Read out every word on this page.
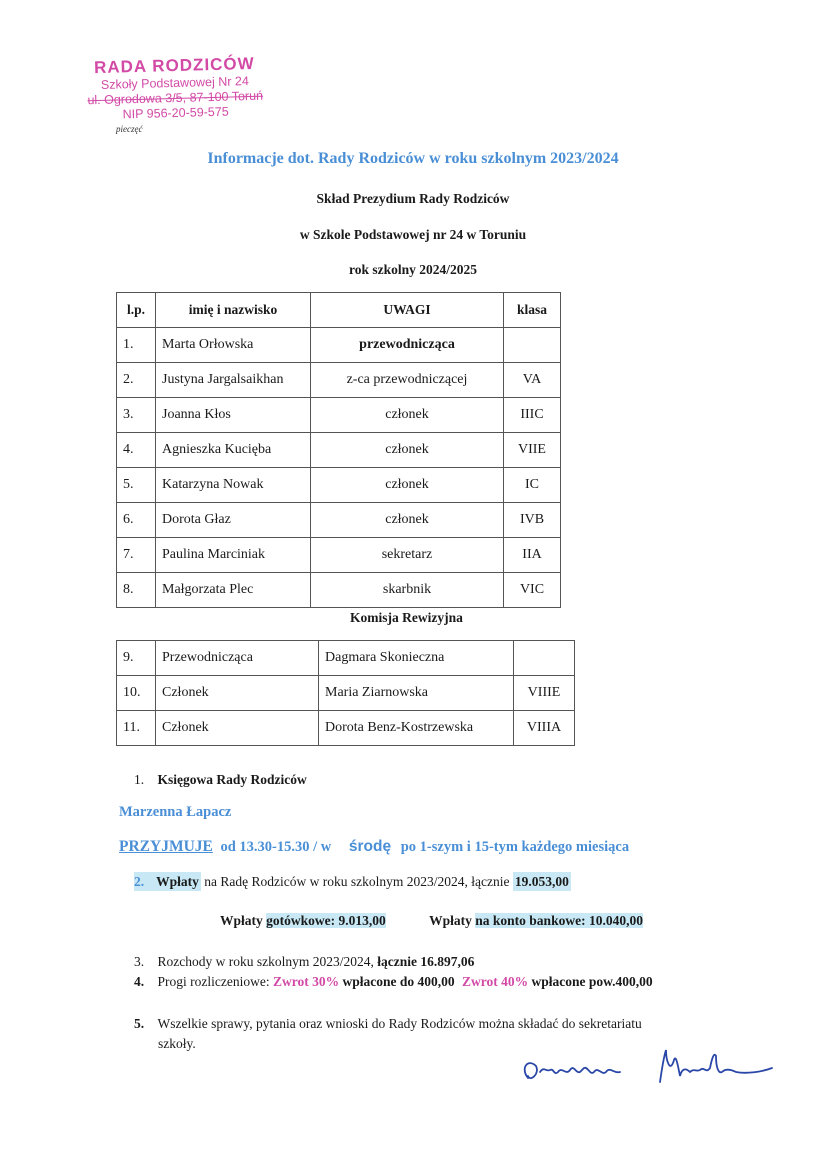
RADA RODZICÓW
Szkoły Podstawowej Nr 24
ul. Ogrodowa 3/5, 87-100 Toruń
NIP 956-20-59-575
pieczęć
Informacje dot. Rady Rodziców w roku szkolnym 2023/2024
Skład Prezydium Rady Rodziców
w Szkole Podstawowej nr 24 w Toruniu
rok szkolny 2024/2025
l.p.	imię i nazwisko	UWAGI	klasa
1.	Marta Orłowska	przewodnicząca	
2.	Justyna Jargalsaikhan	z-ca przewodniczącej	VA
3.	Joanna Kłos	członek	IIIC
4.	Agnieszka Kucięba	członek	VIIE
5.	Katarzyna Nowak	członek	IC
6.	Dorota Głaz	członek	IVB
7.	Paulina Marciniak	sekretarz	IIA
8.	Małgorzata Plec	skarbnik	VIC
Komisja Rewizyjna
9.	Przewodnicząca	Dagmara Skonieczna	
10.	Członek	Maria Ziarnowska	VIIIE
11.	Członek	Dorota Benz-Kostrzewska	VIIIA
1. Księgowa Rady Rodziców
Marzenna Łapacz
PRZYJMUJE od 13.30-15.30 / w środę po 1-szym i 15-tym każdego miesiąca
2. Wpłaty na Radę Rodziców w roku szkolnym 2023/2024, łącznie 19.053,00
Wpłaty gotówkowe: 9.013,00	Wpłaty na konto bankowe: 10.040,00
3. Rozchody w roku szkolnym 2023/2024, łącznie 16.897,06
4. Progi rozliczeniowe: Zwrot 30% wpłacone do 400,00 Zwrot 40% wpłacone pow.400,00
5. Wszelkie sprawy, pytania oraz wnioski do Rady Rodziców można składać do sekretariatu
szkoły.
